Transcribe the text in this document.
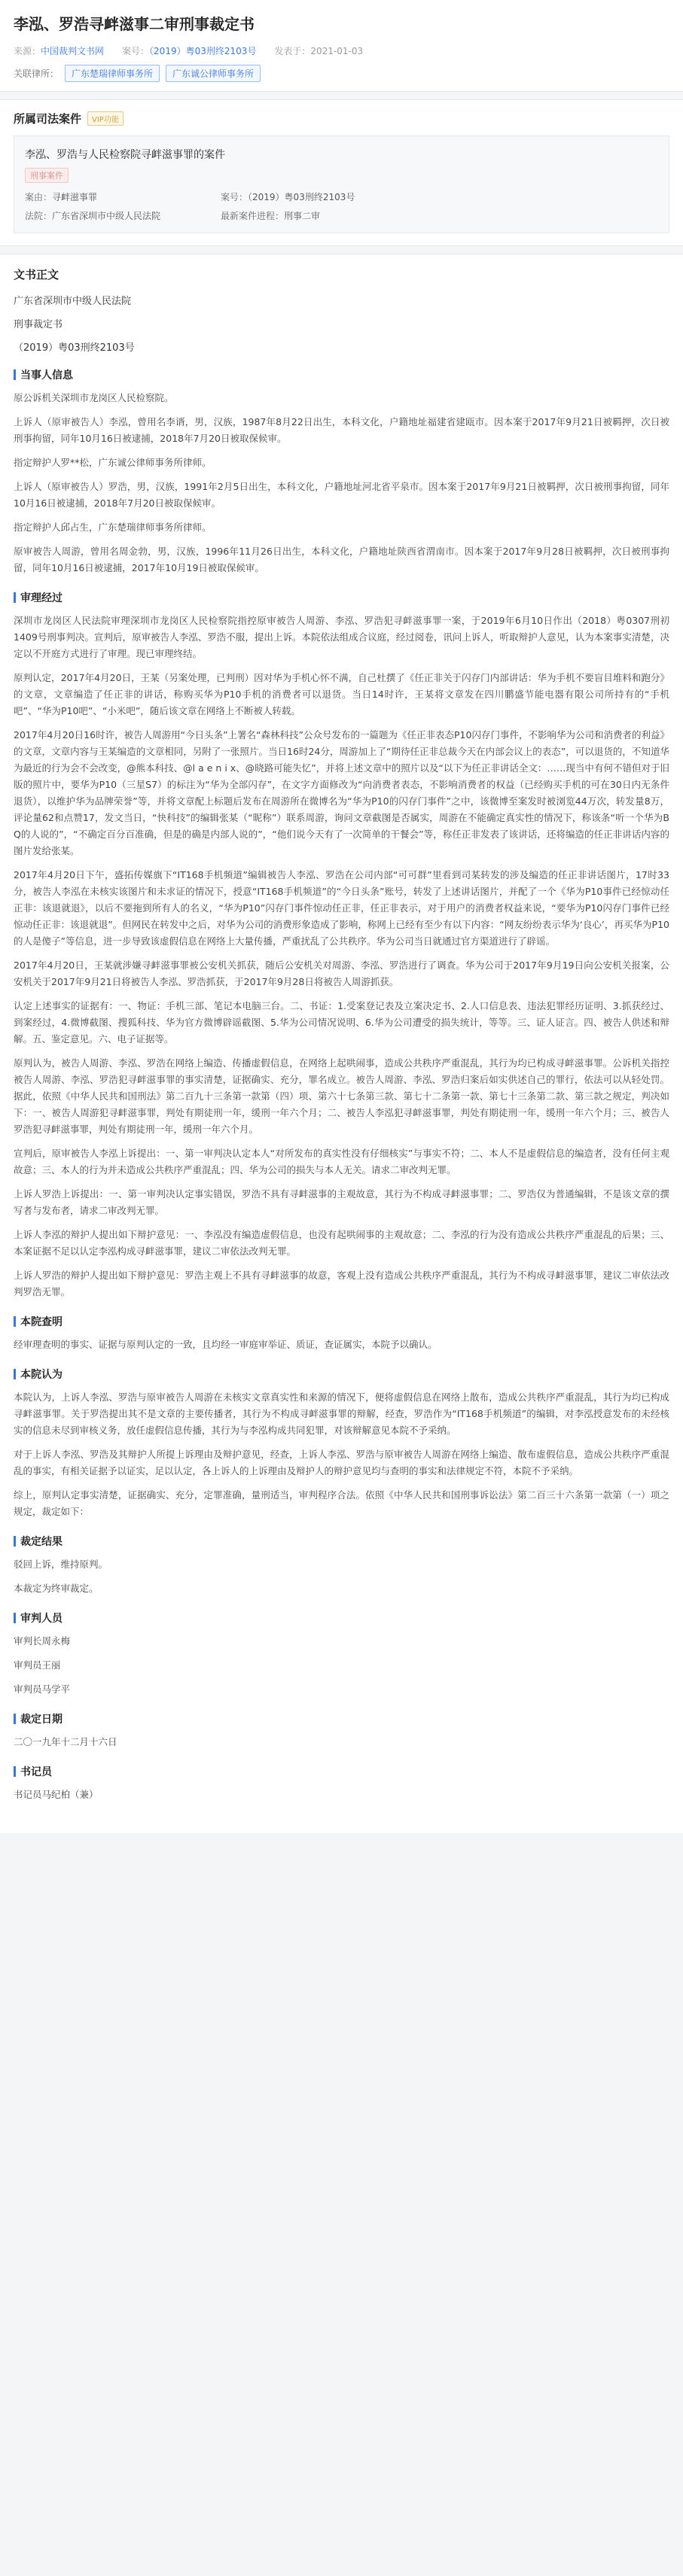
李泓、罗浩寻衅滋事二审刑事裁定书
来源：中国裁判文书网 案号：（2019）粤03刑终2103号 发表于：2021-01-03
关联律所：	广东楚瑞律师事务所	广东诚公律师事务所
所属司法案件	VIP功能
李泓、罗浩与人民检察院寻衅滋事罪的案件
刑事案件
案由：寻衅滋事罪	案号：（2019）粤03刑终2103号
法院：广东省深圳市中级人民法院	最新案件进程：刑事二审
文书正文

广东省深圳市中级人民法院

刑事裁定书

（2019）粤03刑终2103号

当事人信息

原公诉机关深圳市龙岗区人民检察院。

上诉人（原审被告人）李泓，曾用名李谞，男，汉族，1987年8月22日出生，本科文化，户籍地址福建省建瓯市。因本案于2017年9月21日被羁押，次日被刑事拘留，同年10月16日被逮捕，2018年7月20日被取保候审。

指定辩护人罗**松，广东诚公律师事务所律师。

上诉人（原审被告人）罗浩，男，汉族，1991年2月5日出生，本科文化，户籍地址河北省平泉市。因本案于2017年9月21日被羁押，次日被刑事拘留，同年10月16日被逮捕，2018年7月20日被取保候审。

指定辩护人邱占生，广东楚瑞律师事务所律师。

原审被告人周游，曾用名周金勃，男，汉族，1996年11月26日出生，本科文化，户籍地址陕西省渭南市。因本案于2017年9月28日被羁押，次日被刑事拘留，同年10月16日被逮捕，2017年10月19日被取保候审。

审理经过

深圳市龙岗区人民法院审理深圳市龙岗区人民检察院指控原审被告人周游、李泓、罗浩犯寻衅滋事罪一案，于2019年6月10日作出（2018）粤0307刑初1409号刑事判决。宣判后，原审被告人李泓、罗浩不服，提出上诉。本院依法组成合议庭，经过阅卷，讯问上诉人，听取辩护人意见，认为本案事实清楚，决定以不开庭方式进行了审理。现已审理终结。

原判认定，2017年4月20日，王某（另案处理，已判刑）因对华为手机心怀不满，自己杜撰了《任正非关于闪存门内部讲话：华为手机不要盲目堆料和跑分》的文章，文章编造了任正非的讲话，称购买华为P10手机的消费者可以退货。当日14时许，王某将文章发在四川鹏盛节能电器有限公司所持有的“手机吧”、“华为P10吧”、“小米吧”，随后该文章在网络上不断被人转载。

2017年4月20日16时许，被告人周游用“今日头条”上署名“森林科技”公众号发布的一篇题为《任正非表态P10闪存门事件，不影响华为公司和消费者的利益》的文章，文章内容与王某编造的文章相同，另附了一张照片。当日16时24分，周游加上了“期待任正非总裁今天在内部会议上的表态”，可以退货的，不知道华为最近的行为会不会改变，@熊本科技、@l a e n i x、@晓路可能失忆”，并将上述文章中的照片以及“以下为任正非讲话全文：……现当中有何不错但对于旧版的照片中，要华为P10（三星S7）的标注为“华为全部闪存”，在文字方面修改为“向消费者表态，不影响消费者的权益（已经购买手机的可在30日内无条件退货），以维护华为品牌荣誉”等，并将文章配上标题后发布在周游所在微博名为“华为P10的闪存门事件”之中，该微博至案发时被浏览44万次，转发量8万，评论量62和点赞17，发文当日，“快科技”的编辑张某（“昵称”）联系周游，询问文章截图是否属实，周游在不能确定真实性的情况下，称该条“听一个华为B Q的人说的”，“不确定百分百准确，但是的确是内部人说的”，“他们说今天有了一次简单的干餐会”等，称任正非发表了该讲话，还将编造的任正非讲话内容的图片发给张某。

2017年4月20日下午，盛拓传媒旗下“IT168手机频道”编辑被告人李泓、罗浩在公司内部“可可群”里看到司某转发的涉及编造的任正非讲话图片，17时33分，被告人李泓在未核实该图片和未求证的情况下，授意“IT168手机频道”的“今日头条”账号，转发了上述讲话图片，并配了一个《华为P10事件已经惊动任正非：该退就退》，以后不要拖到所有人的名义，“华为P10”闪存门事件惊动任正非，任正非表示，对于用户的消费者权益来说，“要华为P10闪存门事件已经惊动任正非：该退就退”。但网民在转发中之后，对华为公司的消费形象造成了影响，称网上已经有至少有以下内容：“网友纷纷表示华为‘良心’，再买华为P10的人是傻子”等信息，进一步导致该虚假信息在网络上大量传播，严重扰乱了公共秩序。华为公司当日就通过官方渠道进行了辟谣。

2017年4月20日，王某就涉嫌寻衅滋事罪被公安机关抓获，随后公安机关对周游、李泓、罗浩进行了调查。华为公司于2017年9月19日向公安机关报案，公安机关于2017年9月21日将被告人李泓、罗浩抓获，于2017年9月28日将被告人周游抓获。

认定上述事实的证据有：一、物证：手机三部、笔记本电脑三台。二、书证：1.受案登记表及立案决定书、2.人口信息表、违法犯罪经历证明、3.抓获经过、到案经过，4.微博截图、搜狐科技、华为官方微博辟谣截图、5.华为公司情况说明、6.华为公司遭受的损失统计，等等。三、证人证言。四、被告人供述和辩解。五、鉴定意见。六、电子证据等。

原判认为，被告人周游、李泓、罗浩在网络上编造、传播虚假信息，在网络上起哄闹事，造成公共秩序严重混乱，其行为均已构成寻衅滋事罪。公诉机关指控被告人周游、李泓、罗浩犯寻衅滋事罪的事实清楚，证据确实、充分，罪名成立。被告人周游、李泓、罗浩归案后如实供述自己的罪行，依法可以从轻处罚。据此，依照《中华人民共和国刑法》第二百九十三条第一款第（四）项、第六十七条第三款、第七十二条第一款、第七十三条第二款、第三款之规定，判决如下：一、被告人周游犯寻衅滋事罪，判处有期徒刑一年，缓刑一年六个月；二、被告人李泓犯寻衅滋事罪，判处有期徒刑一年，缓刑一年六个月；三、被告人罗浩犯寻衅滋事罪，判处有期徒刑一年，缓刑一年六个月。

宣判后，原审被告人李泓上诉提出：一、第一审判决认定本人“对所发布的真实性没有仔细核实”与事实不符；二、本人不是虚假信息的编造者，没有任何主观故意；三、本人的行为并未造成公共秩序严重混乱；四、华为公司的损失与本人无关。请求二审改判无罪。

上诉人罗浩上诉提出：一、第一审判决认定事实错误，罗浩不具有寻衅滋事的主观故意，其行为不构成寻衅滋事罪；二、罗浩仅为普通编辑，不是该文章的撰写者与发布者，请求二审改判无罪。

上诉人李泓的辩护人提出如下辩护意见：一、李泓没有编造虚假信息，也没有起哄闹事的主观故意；二、李泓的行为没有造成公共秩序严重混乱的后果；三、本案证据不足以认定李泓构成寻衅滋事罪，建议二审依法改判无罪。

上诉人罗浩的辩护人提出如下辩护意见：罗浩主观上不具有寻衅滋事的故意，客观上没有造成公共秩序严重混乱，其行为不构成寻衅滋事罪，建议二审依法改判罗浩无罪。

本院查明

经审理查明的事实、证据与原判认定的一致，且均经一审庭审举证、质证，查证属实，本院予以确认。

本院认为

本院认为，上诉人李泓、罗浩与原审被告人周游在未核实文章真实性和来源的情况下，便将虚假信息在网络上散布，造成公共秩序严重混乱，其行为均已构成寻衅滋事罪。关于罗浩提出其不是文章的主要传播者，其行为不构成寻衅滋事罪的辩解，经查，罗浩作为“IT168手机频道”的编辑，对李泓授意发布的未经核实的信息未尽到审核义务，放任虚假信息传播，其行为与李泓构成共同犯罪，对该辩解意见本院不予采纳。

对于上诉人李泓、罗浩及其辩护人所提上诉理由及辩护意见，经查，上诉人李泓、罗浩与原审被告人周游在网络上编造、散布虚假信息，造成公共秩序严重混乱的事实，有相关证据予以证实，足以认定，各上诉人的上诉理由及辩护人的辩护意见均与查明的事实和法律规定不符，本院不予采纳。

综上，原判认定事实清楚，证据确实、充分，定罪准确，量刑适当，审判程序合法。依照《中华人民共和国刑事诉讼法》第二百三十六条第一款第（一）项之规定，裁定如下：

裁定结果

驳回上诉，维持原判。

本裁定为终审裁定。

审判人员

审判长周永梅

审判员王丽

审判员马学平

裁定日期

二〇一九年十二月十六日

书记员

书记员马纪柏（兼）
